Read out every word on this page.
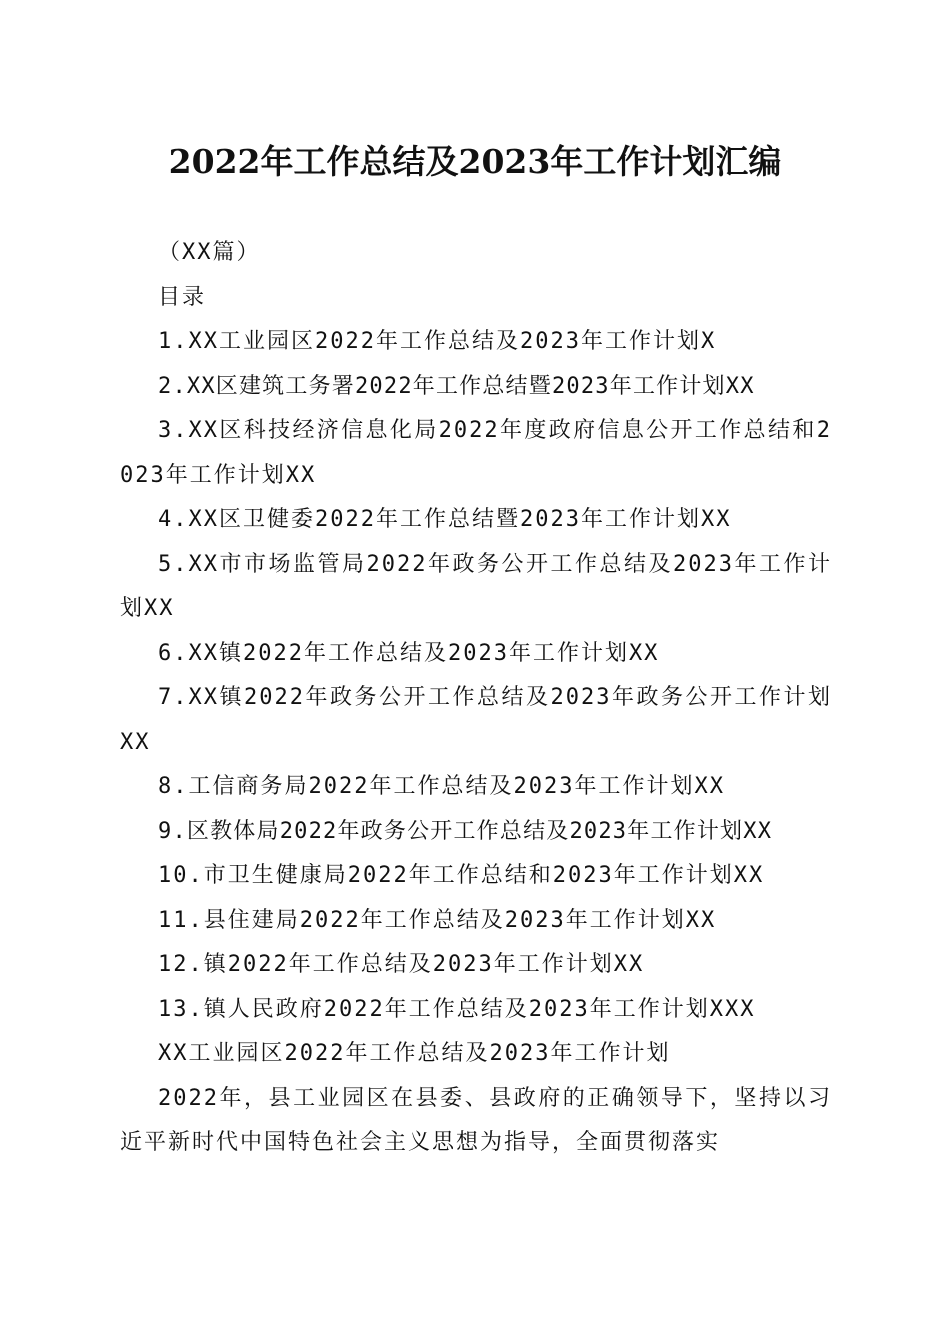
2022年工作总结及2023年工作计划汇编

（XX篇）

目录

1.XX工业园区2022年工作总结及2023年工作计划X

2.XX区建筑工务署2022年工作总结暨2023年工作计划XX

3.XX区科技经济信息化局2022年度政府信息公开工作总结和2023年工作计划XX

4.XX区卫健委2022年工作总结暨2023年工作计划XX

5.XX市市场监管局2022年政务公开工作总结及2023年工作计划XX

6.XX镇2022年工作总结及2023年工作计划XX

7.XX镇2022年政务公开工作总结及2023年政务公开工作计划XX

8.工信商务局2022年工作总结及2023年工作计划XX

9.区教体局2022年政务公开工作总结及2023年工作计划XX

10.市卫生健康局2022年工作总结和2023年工作计划XX

11.县住建局2022年工作总结及2023年工作计划XX

12.镇2022年工作总结及2023年工作计划XX

13.镇人民政府2022年工作总结及2023年工作计划XXX

XX工业园区2022年工作总结及2023年工作计划

2022年，县工业园区在县委、县政府的正确领导下，坚持以习近平新时代中国特色社会主义思想为指导，全面贯彻落实
